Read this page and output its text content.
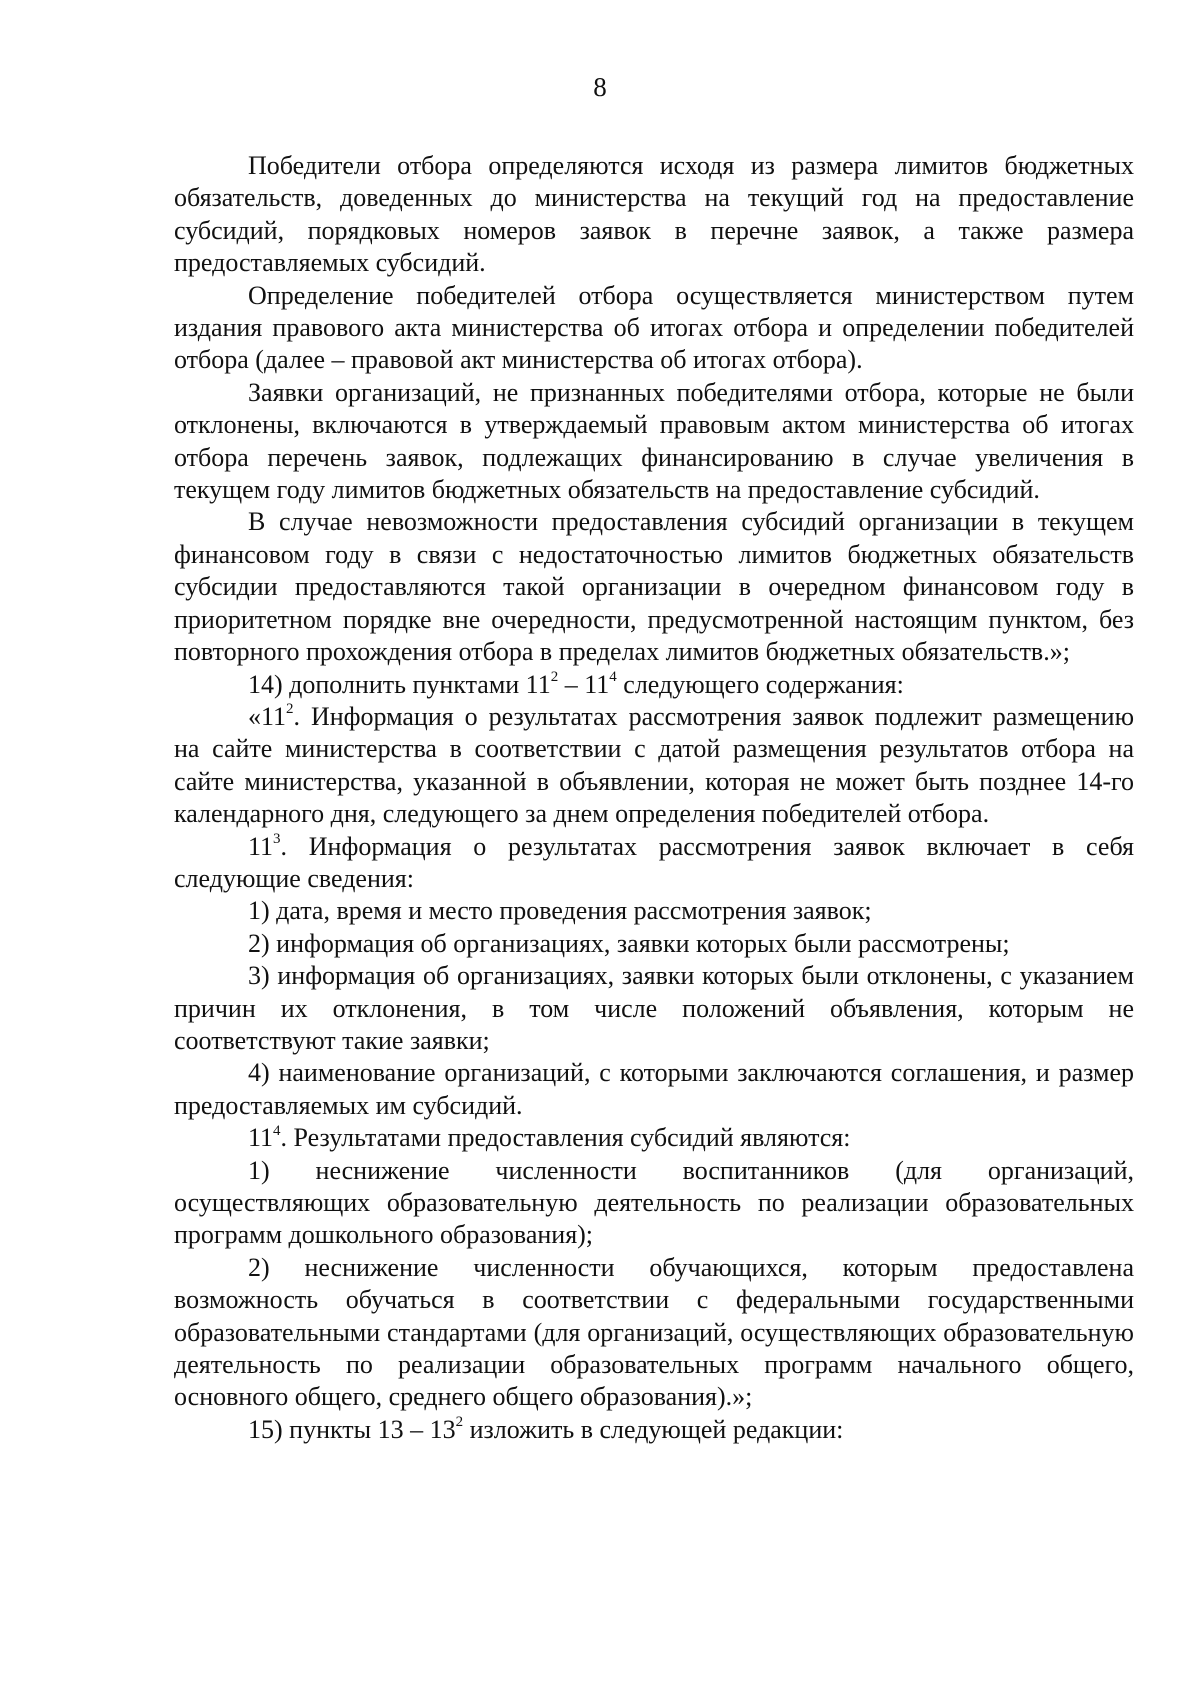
8

Победители отбора определяются исходя из размера лимитов бюджетных обязательств, доведенных до министерства на текущий год на предоставление субсидий, порядковых номеров заявок в перечне заявок, а также размера предоставляемых субсидий.

Определение победителей отбора осуществляется министерством путем издания правового акта министерства об итогах отбора и определении победителей отбора (далее – правовой акт министерства об итогах отбора).

Заявки организаций, не признанных победителями отбора, которые не были отклонены, включаются в утверждаемый правовым актом министерства об итогах отбора перечень заявок, подлежащих финансированию в случае увеличения в текущем году лимитов бюджетных обязательств на предоставление субсидий.

В случае невозможности предоставления субсидий организации в текущем финансовом году в связи с недостаточностью лимитов бюджетных обязательств субсидии предоставляются такой организации в очередном финансовом году в приоритетном порядке вне очередности, предусмотренной настоящим пунктом, без повторного прохождения отбора в пределах лимитов бюджетных обязательств.»;

14) дополнить пунктами $11^2 - 11^4$ следующего содержания:

«$11^2$. Информация о результатах рассмотрения заявок подлежит размещению на сайте министерства в соответствии с датой размещения результатов отбора на сайте министерства, указанной в объявлении, которая не может быть позднее 14-го календарного дня, следующего за днем определения победителей отбора.

$11^3$. Информация о результатах рассмотрения заявок включает в себя следующие сведения:

1) дата, время и место проведения рассмотрения заявок;

2) информация об организациях, заявки которых были рассмотрены;

3) информация об организациях, заявки которых были отклонены, с указанием причин их отклонения, в том числе положений объявления, которым не соответствуют такие заявки;

4) наименование организаций, с которыми заключаются соглашения, и размер предоставляемых им субсидий.

$11^4$. Результатами предоставления субсидий являются:

1) неснижение численности воспитанников (для организаций, осуществляющих образовательную деятельность по реализации образовательных программ дошкольного образования);

2) неснижение численности обучающихся, которым предоставлена возможность обучаться в соответствии с федеральными государственными образовательными стандартами (для организаций, осуществляющих образовательную деятельность по реализации образовательных программ начального общего, основного общего, среднего общего образования).»;

15) пункты $13 - 13^2$ изложить в следующей редакции:
